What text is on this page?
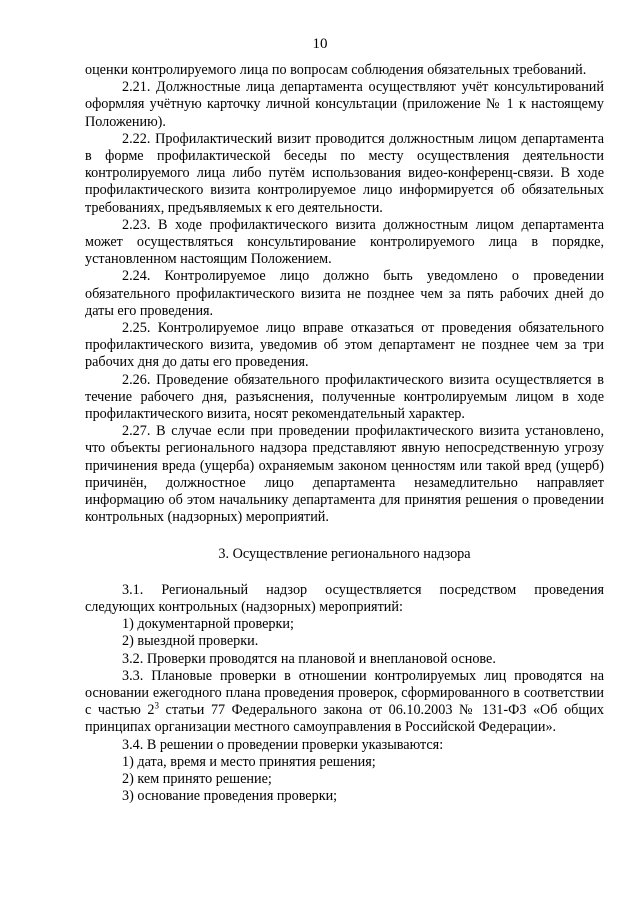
10

оценки контролируемого лица по вопросам соблюдения обязательных требований.

2.21. Должностные лица департамента осуществляют учёт консультирований оформляя учётную карточку личной консультации (приложение № 1 к настоящему Положению).

2.22. Профилактический визит проводится должностным лицом департамента в форме профилактической беседы по месту осуществления деятельности контролируемого лица либо путём использования видео-конференц-связи. В ходе профилактического визита контролируемое лицо информируется об обязательных требованиях, предъявляемых к его деятельности.

2.23. В ходе профилактического визита должностным лицом департамента может осуществляться консультирование контролируемого лица в порядке, установленном настоящим Положением.

2.24. Контролируемое лицо должно быть уведомлено о проведении обязательного профилактического визита не позднее чем за пять рабочих дней до даты его проведения.

2.25. Контролируемое лицо вправе отказаться от проведения обязательного профилактического визита, уведомив об этом департамент не позднее чем за три рабочих дня до даты его проведения.

2.26. Проведение обязательного профилактического визита осуществляется в течение рабочего дня, разъяснения, полученные контролируемым лицом в ходе профилактического визита, носят рекомендательный характер.

2.27. В случае если при проведении профилактического визита установлено, что объекты регионального надзора представляют явную непосредственную угрозу причинения вреда (ущерба) охраняемым законом ценностям или такой вред (ущерб) причинён, должностное лицо департамента незамедлительно направляет информацию об этом начальнику департамента для принятия решения о проведении контрольных (надзорных) мероприятий.

3. Осуществление регионального надзора

3.1. Региональный надзор осуществляется посредством проведения следующих контрольных (надзорных) мероприятий:

1) документарной проверки;

2) выездной проверки.

3.2. Проверки проводятся на плановой и внеплановой основе.

3.3. Плановые проверки в отношении контролируемых лиц проводятся на основании ежегодного плана проведения проверок, сформированного в соответствии с частью $2^3$ статьи 77 Федерального закона от 06.10.2003 № 131-ФЗ «Об общих принципах организации местного самоуправления в Российской Федерации».

3.4. В решении о проведении проверки указываются:

1) дата, время и место принятия решения;

2) кем принято решение;

3) основание проведения проверки;
